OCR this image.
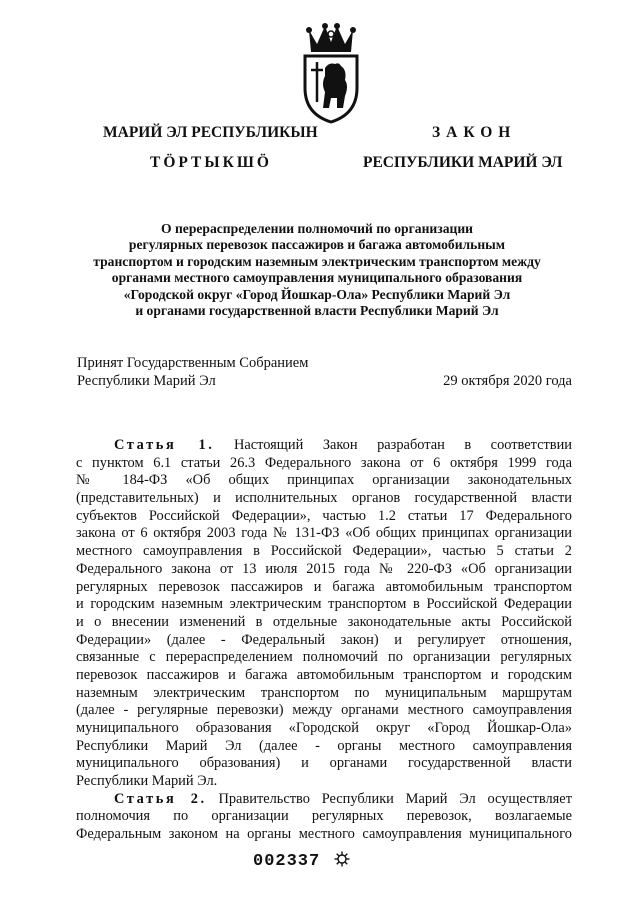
МАРИЙ ЭЛ РЕСПУБЛИКЫН
ТӦРТЫКШӦ
ЗАКОН
РЕСПУБЛИКИ МАРИЙ ЭЛ
О перераспределении полномочий по организации
регулярных перевозок пассажиров и багажа автомобильным
транспортом и городским наземным электрическим транспортом между
органами местного самоуправления муниципального образования
«Городской округ «Город Йошкар-Ола» Республики Марий Эл
и органами государственной власти Республики Марий Эл
Принят Государственным Собранием
Республики Марий Эл	29 октября 2020 года
Статья 1. Настоящий Закон разработан в соответствии
с пунктом 6.1 статьи 26.3 Федерального закона от 6 октября 1999 года
№ 184-ФЗ «Об общих принципах организации законодательных
(представительных) и исполнительных органов государственной власти
субъектов Российской Федерации», частью 1.2 статьи 17 Федерального
закона от 6 октября 2003 года № 131-ФЗ «Об общих принципах организации
местного самоуправления в Российской Федерации», частью 5 статьи 2
Федерального закона от 13 июля 2015 года № 220-ФЗ «Об организации
регулярных перевозок пассажиров и багажа автомобильным транспортом
и городским наземным электрическим транспортом в Российской Федерации
и о внесении изменений в отдельные законодательные акты Российской
Федерации» (далее - Федеральный закон) и регулирует отношения,
связанные с перераспределением полномочий по организации регулярных
перевозок пассажиров и багажа автомобильным транспортом и городским
наземным электрическим транспортом по муниципальным маршрутам
(далее - регулярные перевозки) между органами местного самоуправления
муниципального образования «Городской округ «Город Йошкар-Ола»
Республики Марий Эл (далее - органы местного самоуправления
муниципального образования) и органами государственной власти
Республики Марий Эл.
Статья 2. Правительство Республики Марий Эл осуществляет
полномочия по организации регулярных перевозок, возлагаемые
Федеральным законом на органы местного самоуправления муниципального
002337
